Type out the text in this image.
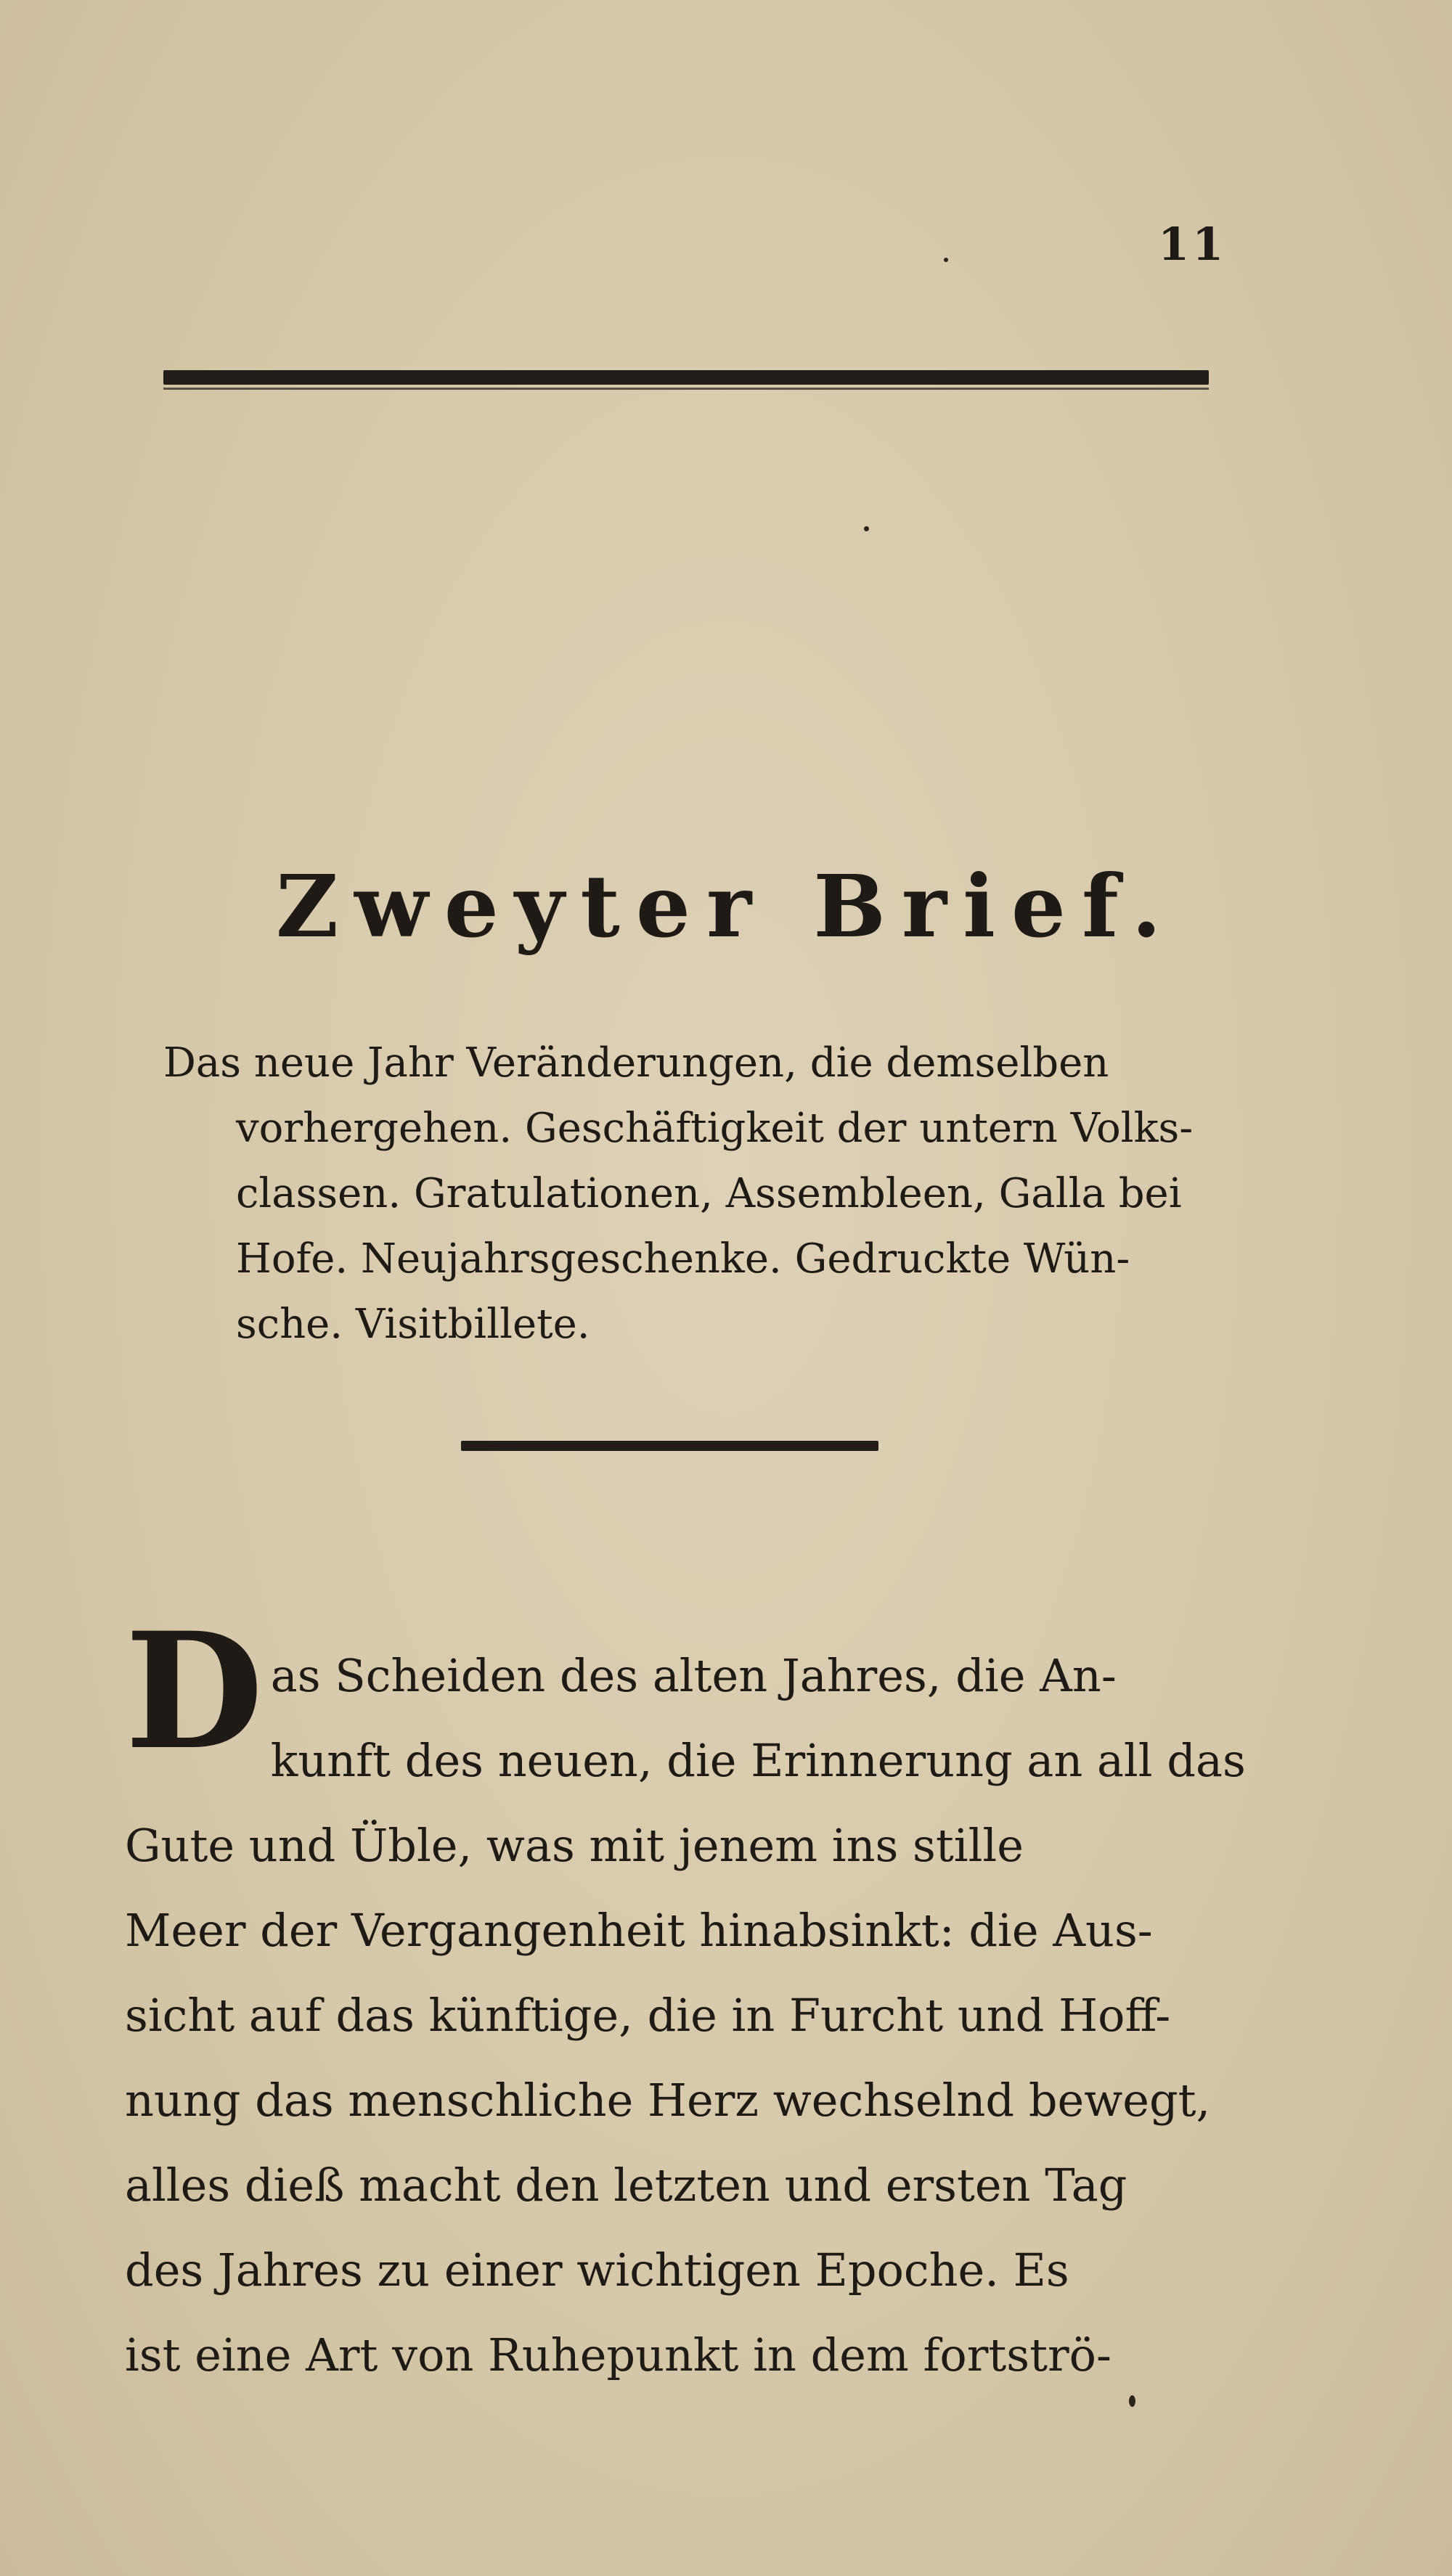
11
Zweyter Brief.
Das neue Jahr Veränderungen, die demselben
vorhergehen. Geschäftigkeit der untern Volks-
classen. Gratulationen, Assembleen, Galla bei
Hofe. Neujahrsgeschenke. Gedruckte Wün-
sche. Visitbillete.
D as Scheiden des alten Jahres, die An-
kunft des neuen, die Erinnerung an all das
Gute und Üble, was mit jenem ins stille
Meer der Vergangenheit hinabsinkt: die Aus-
sicht auf das künftige, die in Furcht und Hoff-
nung das menschliche Herz wechselnd bewegt,
alles dieß macht den letzten und ersten Tag
des Jahres zu einer wichtigen Epoche. Es
ist eine Art von Ruhepunkt in dem fortströ-
